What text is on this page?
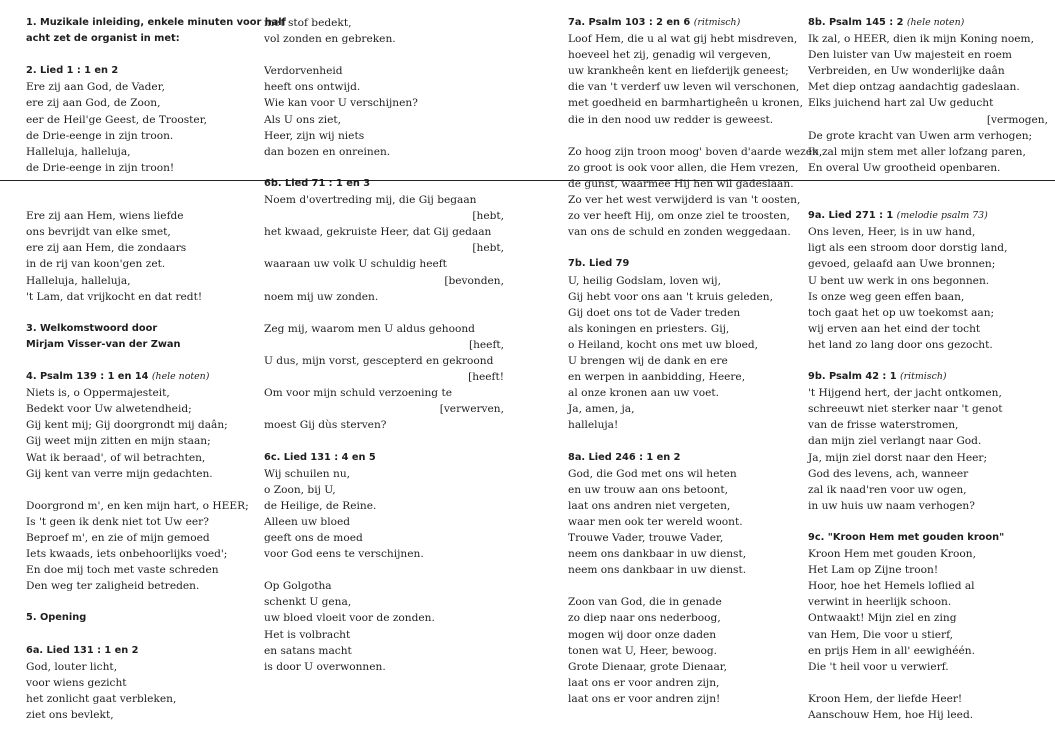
1. Muzikale inleiding, enkele minuten voor half
acht zet de organist in met:
2. Lied 1 : 1 en 2
Ere zij aan God, de Vader,
ere zij aan God, de Zoon,
eer de Heil'ge Geest, de Trooster,
de Drie-eenge in zijn troon.
Halleluja, halleluja,
de Drie-eenge in zijn troon!
Ere zij aan Hem, wiens liefde
ons bevrijdt van elke smet,
ere zij aan Hem, die zondaars
in de rij van koon'gen zet.
Halleluja, halleluja,
't Lam, dat vrijkocht en dat redt!
3. Welkomstwoord door
Mirjam Visser-van der Zwan
4. Psalm 139 : 1 en 14 (hele noten)
Niets is, o Oppermajesteit,
Bedekt voor Uw alwetendheid;
Gij kent mij; Gij doorgrondt mij daân;
Gij weet mijn zitten en mijn staan;
Wat ik beraad', of wil betrachten,
Gij kent van verre mijn gedachten.
Doorgrond m', en ken mijn hart, o HEER;
Is 't geen ik denk niet tot Uw eer?
Beproef m', en zie of mijn gemoed
Iets kwaads, iets onbehoorlijks voed';
En doe mij toch met vaste schreden
Den weg ter zaligheid betreden.
5. Opening
6a. Lied 131 : 1 en 2
God, louter licht,
voor wiens gezicht
het zonlicht gaat verbleken,
ziet ons bevlekt,
met stof bedekt,
vol zonden en gebreken.
Verdorvenheid
heeft ons ontwijd.
Wie kan voor U verschijnen?
Als U ons ziet,
Heer, zijn wij niets
dan bozen en onreinen.
6b. Lied 71 : 1 en 3
Noem d'overtreding mij, die Gij begaan
[hebt,
het kwaad, gekruiste Heer, dat Gij gedaan
[hebt,
waaraan uw volk U schuldig heeft
[bevonden,
noem mij uw zonden.
Zeg mij, waarom men U aldus gehoond
[heeft,
U dus, mijn vorst, gescepterd en gekroond
[heeft!
Om voor mijn schuld verzoening te
[verwerven,
moest Gij dùs sterven?
6c. Lied 131 : 4 en 5
Wij schuilen nu,
o Zoon, bij U,
de Heilige, de Reine.
Alleen uw bloed
geeft ons de moed
voor God eens te verschijnen.
Op Golgotha
schenkt U gena,
uw bloed vloeit voor de zonden.
Het is volbracht
en satans macht
is door U overwonnen.
7a. Psalm 103 : 2 en 6 (ritmisch)
Loof Hem, die u al wat gij hebt misdreven,
hoeveel het zij, genadig wil vergeven,
uw krankheên kent en liefderijk geneest;
die van 't verderf uw leven wil verschonen,
met goedheid en barmhartigheên u kronen,
die in den nood uw redder is geweest.
Zo hoog zijn troon moog' boven d'aarde wezen,
zo groot is ook voor allen, die Hem vrezen,
de gunst, waarmee Hij hen wil gadeslaan.
Zo ver het west verwijderd is van 't oosten,
zo ver heeft Hij, om onze ziel te troosten,
van ons de schuld en zonden weggedaan.
7b. Lied 79
U, heilig Godslam, loven wij,
Gij hebt voor ons aan 't kruis geleden,
Gij doet ons tot de Vader treden
als koningen en priesters. Gij,
o Heiland, kocht ons met uw bloed,
U brengen wij de dank en ere
en werpen in aanbidding, Heere,
al onze kronen aan uw voet.
Ja, amen, ja,
halleluja!
8a. Lied 246 : 1 en 2
God, die God met ons wil heten
en uw trouw aan ons betoont,
laat ons andren niet vergeten,
waar men ook ter wereld woont.
Trouwe Vader, trouwe Vader,
neem ons dankbaar in uw dienst,
neem ons dankbaar in uw dienst.
Zoon van God, die in genade
zo diep naar ons nederboog,
mogen wij door onze daden
tonen wat U, Heer, bewoog.
Grote Dienaar, grote Dienaar,
laat ons er voor andren zijn,
laat ons er voor andren zijn!
8b. Psalm 145 : 2 (hele noten)
Ik zal, o HEER, dien ik mijn Koning noem,
Den luister van Uw majesteit en roem
Verbreiden, en Uw wonderlijke daân
Met diep ontzag aandachtig gadeslaan.
Elks juichend hart zal Uw geducht
[vermogen,
De grote kracht van Uwen arm verhogen;
Ik zal mijn stem met aller lofzang paren,
En overal Uw grootheid openbaren.
9a. Lied 271 : 1 (melodie psalm 73)
Ons leven, Heer, is in uw hand,
ligt als een stroom door dorstig land,
gevoed, gelaafd aan Uwe bronnen;
U bent uw werk in ons begonnen.
Is onze weg geen effen baan,
toch gaat het op uw toekomst aan;
wij erven aan het eind der tocht
het land zo lang door ons gezocht.
9b. Psalm 42 : 1 (ritmisch)
't Hijgend hert, der jacht ontkomen,
schreeuwt niet sterker naar 't genot
van de frisse waterstromen,
dan mijn ziel verlangt naar God.
Ja, mijn ziel dorst naar den Heer;
God des levens, ach, wanneer
zal ik naad'ren voor uw ogen,
in uw huis uw naam verhogen?
9c. "Kroon Hem met gouden kroon"
Kroon Hem met gouden Kroon,
Het Lam op Zijne troon!
Hoor, hoe het Hemels loflied al
verwint in heerlijk schoon.
Ontwaakt! Mijn ziel en zing
van Hem, Die voor u stierf,
en prijs Hem in all' eewighéén.
Die 't heil voor u verwierf.
Kroon Hem, der liefde Heer!
Aanschouw Hem, hoe Hij leed.
